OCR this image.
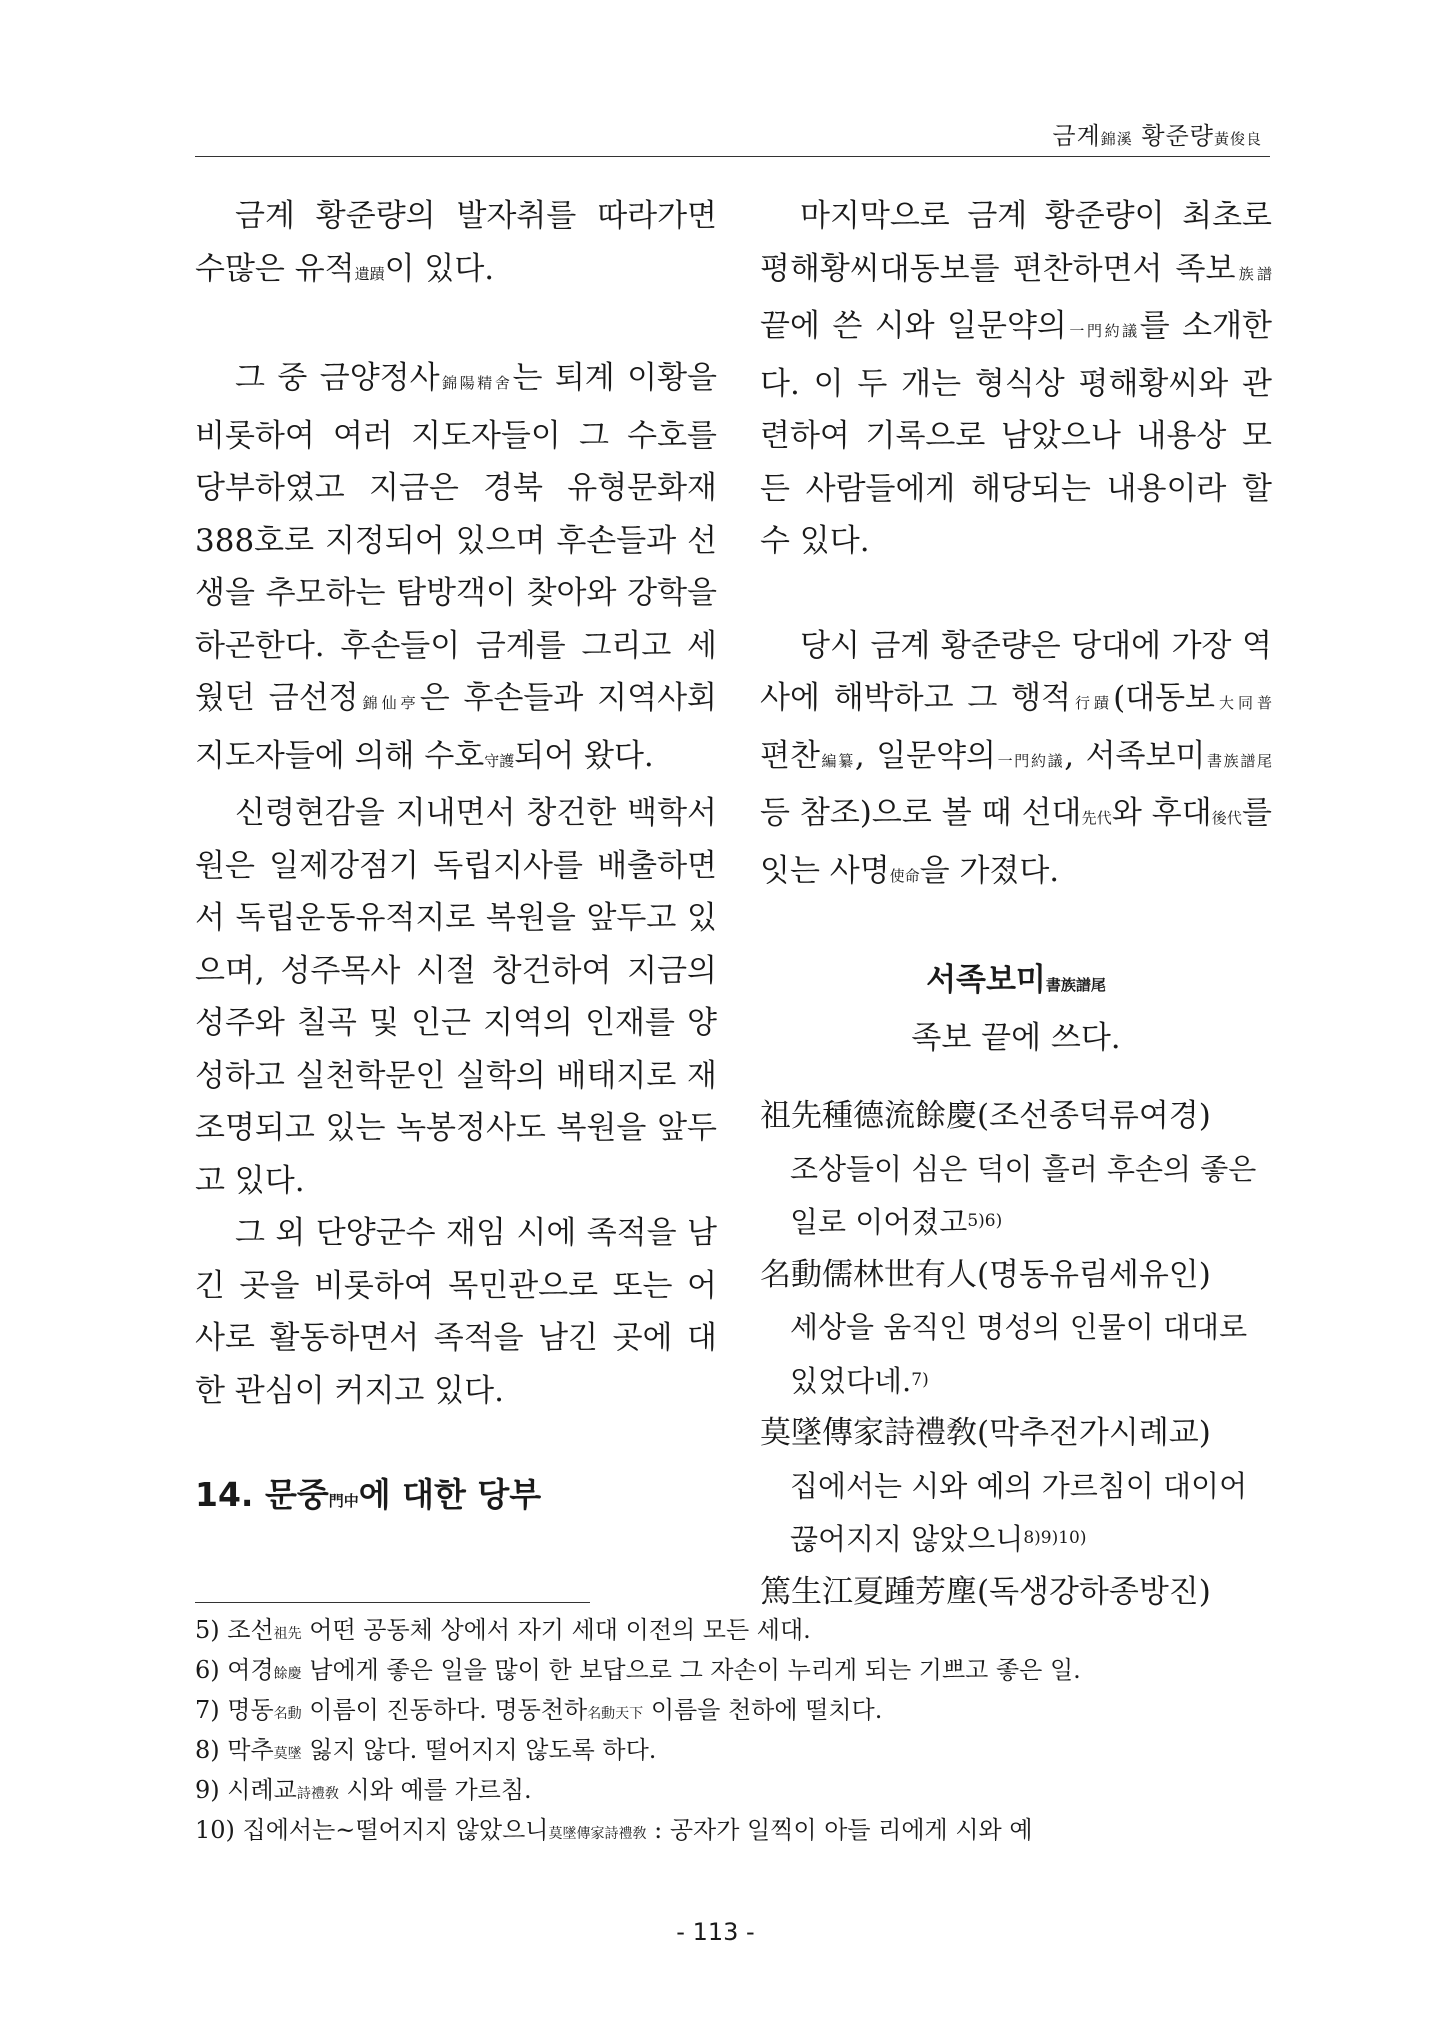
금계錦溪 황준량黃俊良

금계 황준량의 발자취를 따라가면 수많은 유적遺蹟이 있다.

그 중 금양정사錦陽精舍는 퇴계 이황을 비롯하여 여러 지도자들이 그 수호를 당부하였고 지금은 경북 유형문화재 388호로 지정되어 있으며 후손들과 선생을 추모하는 탐방객이 찾아와 강학을 하곤한다. 후손들이 금계를 그리고 세웠던 금선정錦仙亭은 후손들과 지역사회 지도자들에 의해 수호守護되어 왔다.

신령현감을 지내면서 창건한 백학서원은 일제강점기 독립지사를 배출하면서 독립운동유적지로 복원을 앞두고 있으며, 성주목사 시절 창건하여 지금의 성주와 칠곡 및 인근 지역의 인재를 양성하고 실천학문인 실학의 배태지로 재조명되고 있는 녹봉정사도 복원을 앞두고 있다.

그 외 단양군수 재임 시에 족적을 남긴 곳을 비롯하여 목민관으로 또는 어사로 활동하면서 족적을 남긴 곳에 대한 관심이 커지고 있다.

14. 문중門中에 대한 당부

마지막으로 금계 황준량이 최초로 평해황씨대동보를 편찬하면서 족보族譜 끝에 쓴 시와 일문약의一門約議를 소개한다. 이 두 개는 형식상 평해황씨와 관련하여 기록으로 남았으나 내용상 모든 사람들에게 해당되는 내용이라 할 수 있다.

당시 금계 황준량은 당대에 가장 역사에 해박하고 그 행적行蹟(대동보大同普 편찬編纂, 일문약의一門約議, 서족보미書族譜尾 등 참조)으로 볼 때 선대先代와 후대後代를 잇는 사명使命을 가졌다.

서족보미書族譜尾
족보 끝에 쓰다.

祖先種德流餘慶(조선종덕류여경)

조상들이 심은 덕이 흘러 후손의 좋은 일로 이어졌고$^{5)6)}$

名動儒林世有人(명동유림세유인)

세상을 움직인 명성의 인물이 대대로 있었다네.$^{7)}$

莫墜傳家詩禮敎(막추전가시례교)

집에서는 시와 예의 가르침이 대이어 끊어지지 않았으니$^{8)9)10)}$

篤生江夏踵芳塵(독생강하종방진)

5) 조선祖先 어떤 공동체 상에서 자기 세대 이전의 모든 세대.

6) 여경餘慶 남에게 좋은 일을 많이 한 보답으로 그 자손이 누리게 되는 기쁘고 좋은 일.

7) 명동名動 이름이 진동하다. 명동천하名動天下 이름을 천하에 떨치다.

8) 막추莫墜 잃지 않다. 떨어지지 않도록 하다.

9) 시례교詩禮敎 시와 예를 가르침.

10) 집에서는~떨어지지 않았으니莫墜傳家詩禮敎 : 공자가 일찍이 아들 리에게 시와 예

- 113 -
